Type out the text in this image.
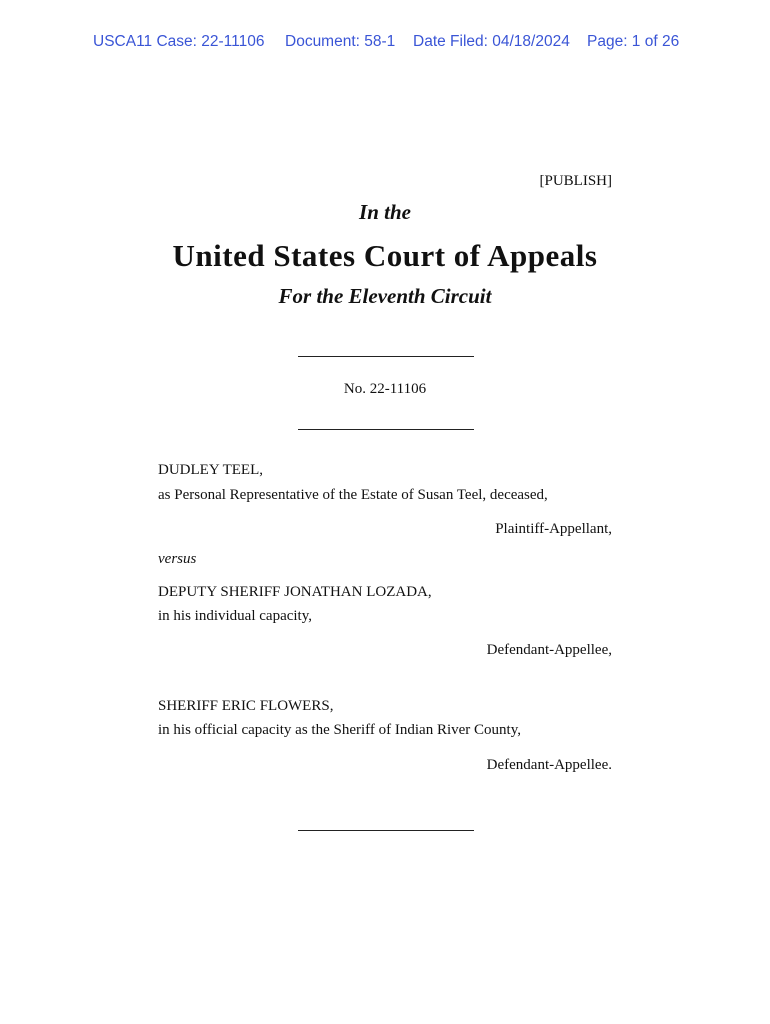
USCA11 Case: 22-11106 Document: 58-1 Date Filed: 04/18/2024 Page: 1 of 26
[PUBLISH]
In the
United States Court of Appeals
For the Eleventh Circuit
No. 22-11106
DUDLEY TEEL,
as Personal Representative of the Estate of Susan Teel, deceased,
Plaintiff-Appellant,
versus
DEPUTY SHERIFF JONATHAN LOZADA,
in his individual capacity,
Defendant-Appellee,
SHERIFF ERIC FLOWERS,
in his official capacity as the Sheriff of Indian River County,
Defendant-Appellee.
